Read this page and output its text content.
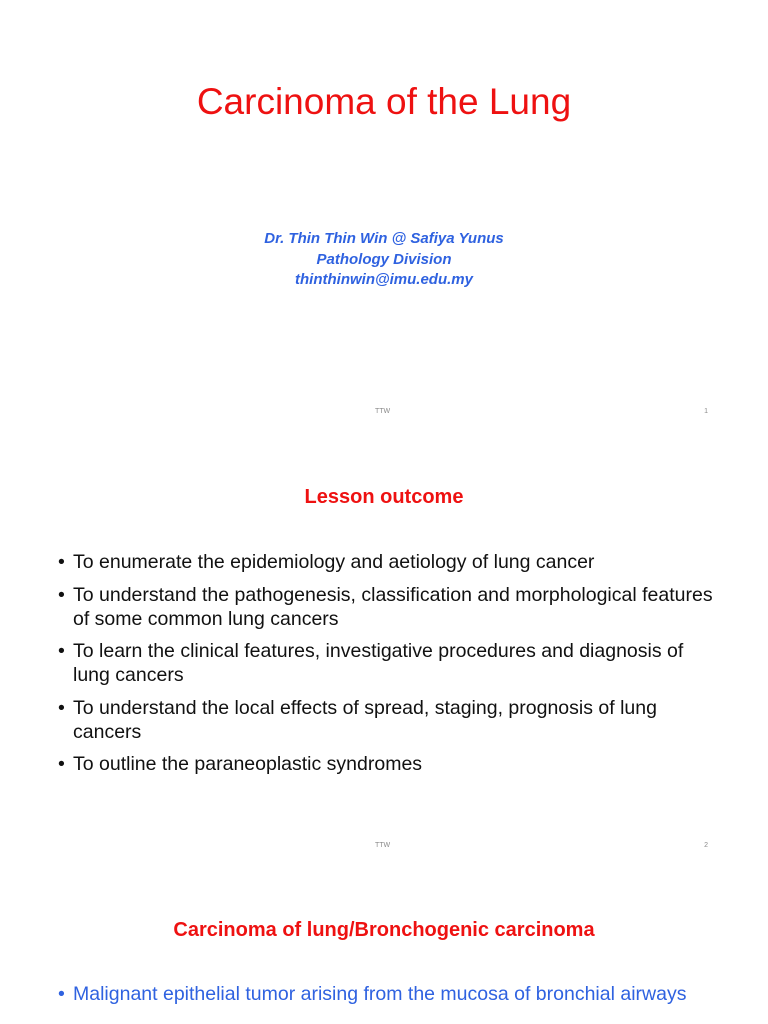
Carcinoma of the Lung
Dr. Thin Thin Win @ Safiya Yunus
Pathology Division
thinthinwin@imu.edu.my
TTW	1
Lesson outcome
• To enumerate the epidemiology and aetiology of lung cancer
• To understand the pathogenesis, classification and morphological features of some common lung cancers
• To learn the clinical features, investigative procedures and diagnosis of lung cancers
• To understand the local effects of spread, staging, prognosis of lung cancers
• To outline the paraneoplastic syndromes
TTW	2
Carcinoma of lung/Bronchogenic carcinoma
• Malignant epithelial tumor arising from the mucosa of bronchial airways
